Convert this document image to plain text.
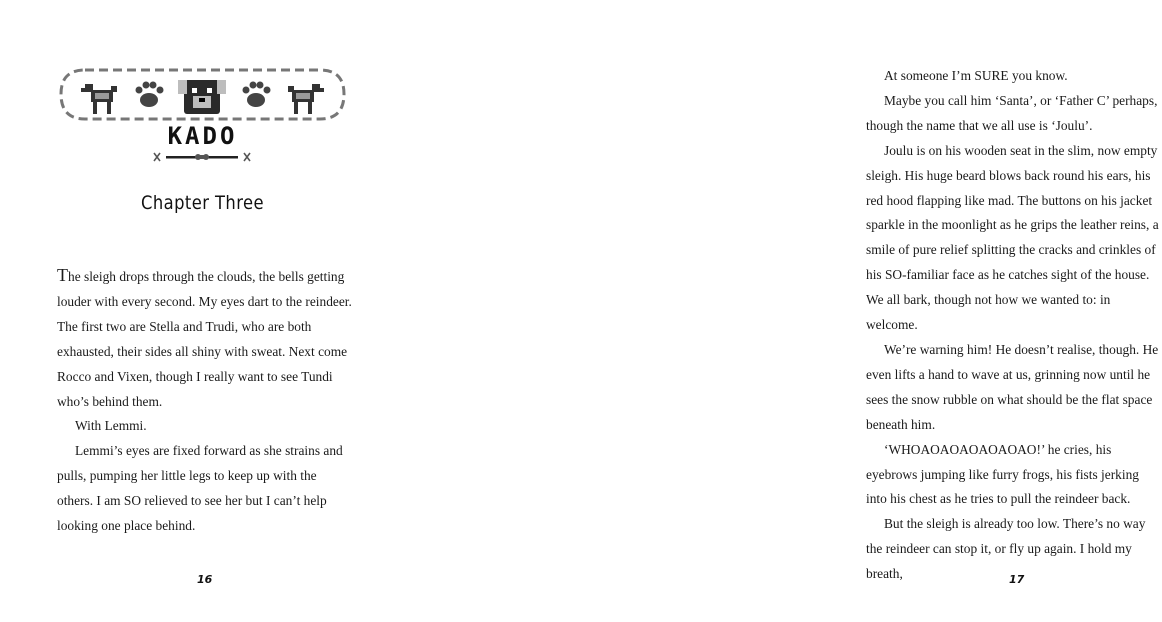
KADO
Chapter Three

The sleigh drops through the clouds, the bells getting louder with every second. My eyes dart to the reindeer. The first two are Stella and Trudi, who are both exhausted, their sides all shiny with sweat. Next come Rocco and Vixen, though I really want to see Tundi who’s behind them.

With Lemmi.

Lemmi’s eyes are fixed forward as she strains and pulls, pumping her little legs to keep up with the others. I am SO relieved to see her but I can’t help looking one place behind.

16

At someone I’m SURE you know.

Maybe you call him ‘Santa’, or ‘Father C’ perhaps, though the name that we all use is ‘Joulu’.

Joulu is on his wooden seat in the slim, now empty sleigh. His huge beard blows back round his ears, his red hood flapping like mad. The buttons on his jacket sparkle in the moonlight as he grips the leather reins, a smile of pure relief splitting the cracks and crinkles of his SO-familiar face as he catches sight of the house. We all bark, though not how we wanted to: in welcome.

We’re warning him! He doesn’t realise, though. He even lifts a hand to wave at us, grinning now until he sees the snow rubble on what should be the flat space beneath him.

‘WHOAOAOAOAOAOAO!’ he cries, his eyebrows jumping like furry frogs, his fists jerking into his chest as he tries to pull the reindeer back.

But the sleigh is already too low. There’s no way the reindeer can stop it, or fly up again. I hold my breath,	17
